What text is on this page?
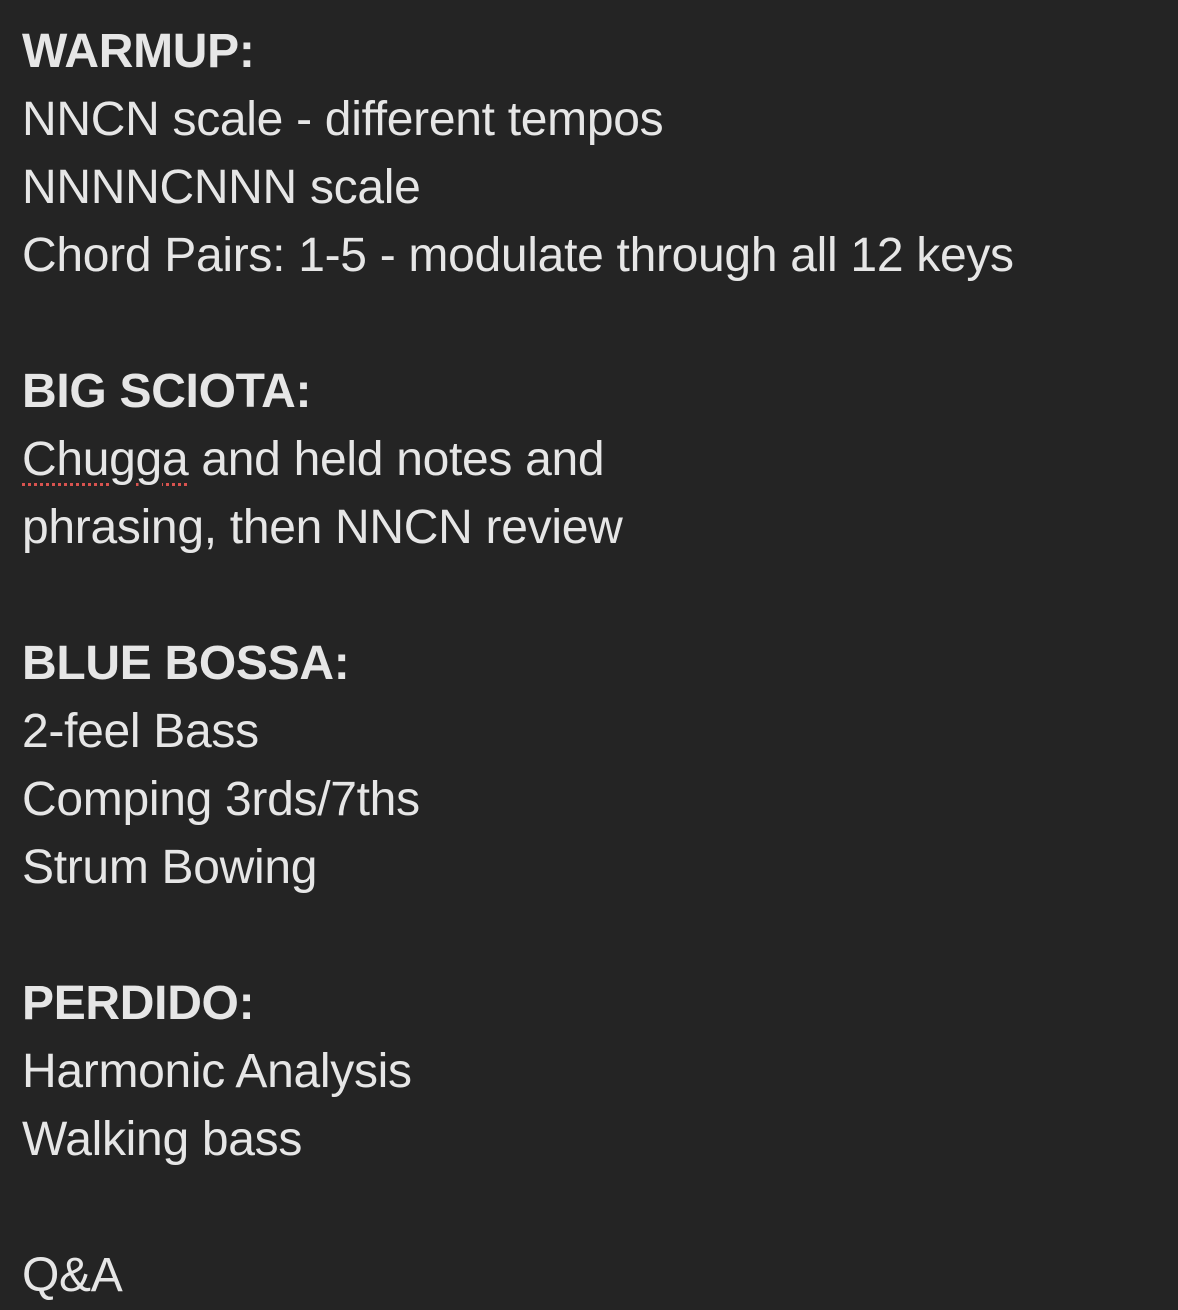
WARMUP:
NNCN scale - different tempos
NNNNCNNN scale
Chord Pairs: 1-5 - modulate through all 12 keys
BIG SCIOTA:
Chugga and held notes and
phrasing, then NNCN review
BLUE BOSSA:
2-feel Bass
Comping 3rds/7ths
Strum Bowing
PERDIDO:
Harmonic Analysis
Walking bass
Q&A
